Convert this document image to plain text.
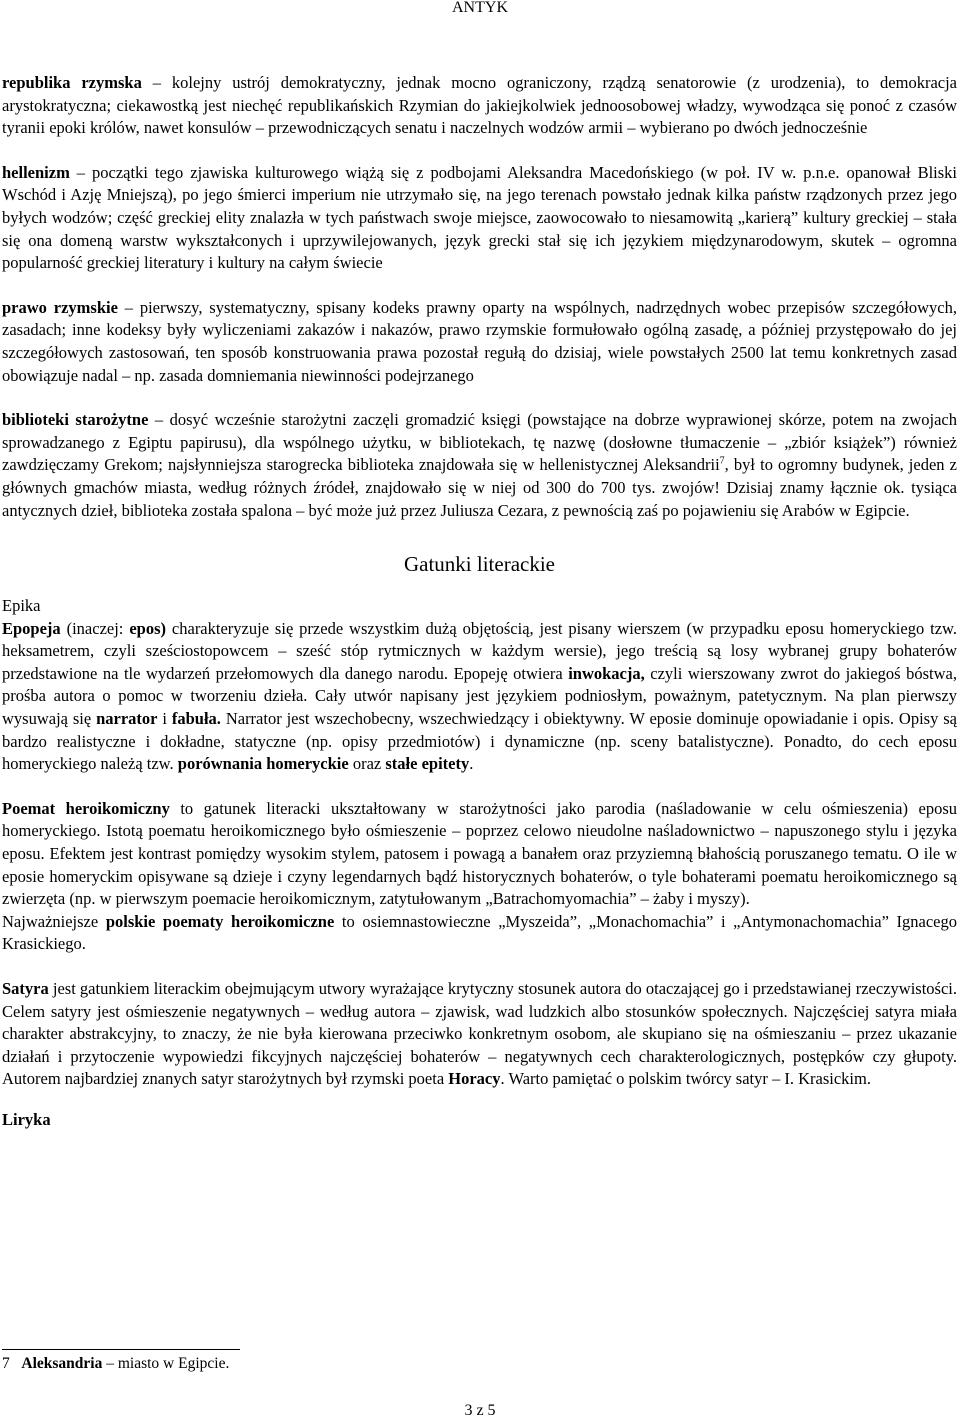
ANTYK

republika rzymska – kolejny ustrój demokratyczny, jednak mocno ograniczony, rządzą senatorowie (z urodzenia), to demokracja arystokratyczna; ciekawostką jest niechęć republikańskich Rzymian do jakiejkolwiek jednoosobowej władzy, wywodząca się ponoć z czasów tyranii epoki królów, nawet konsulów – przewodniczących senatu i naczelnych wodzów armii – wybierano po dwóch jednocześnie

hellenizm – początki tego zjawiska kulturowego wiążą się z podbojami Aleksandra Macedońskiego (w poł. IV w. p.n.e. opanował Bliski Wschód i Azję Mniejszą), po jego śmierci imperium nie utrzymało się, na jego terenach powstało jednak kilka państw rządzonych przez jego byłych wodzów; część greckiej elity znalazła w tych państwach swoje miejsce, zaowocowało to niesamowitą „karierą” kultury greckiej – stała się ona domeną warstw wykształconych i uprzywilejowanych, język grecki stał się ich językiem międzynarodowym, skutek – ogromna popularność greckiej literatury i kultury na całym świecie

prawo rzymskie – pierwszy, systematyczny, spisany kodeks prawny oparty na wspólnych, nadrzędnych wobec przepisów szczegółowych, zasadach; inne kodeksy były wyliczeniami zakazów i nakazów, prawo rzymskie formułowało ogólną zasadę, a później przystępowało do jej szczegółowych zastosowań, ten sposób konstruowania prawa pozostał regułą do dzisiaj, wiele powstałych 2500 lat temu konkretnych zasad obowiązuje nadal – np. zasada domniemania niewinności podejrzanego

biblioteki starożytne – dosyć wcześnie starożytni zaczęli gromadzić księgi (powstające na dobrze wyprawionej skórze, potem na zwojach sprowadzanego z Egiptu papirusu), dla wspólnego użytku, w bibliotekach, tę nazwę (dosłowne tłumaczenie – „zbiór książek”) również zawdzięczamy Grekom; najsłynniejsza starogrecka biblioteka znajdowała się w hellenistycznej Aleksandrii$^7$, był to ogromny budynek, jeden z głównych gmachów miasta, według różnych źródeł, znajdowało się w niej od 300 do 700 tys. zwojów! Dzisiaj znamy łącznie ok. tysiąca antycznych dzieł, biblioteka została spalona – być może już przez Juliusza Cezara, z pewnością zaś po pojawieniu się Arabów w Egipcie.

Gatunki literackie

Epika

Epopeja (inaczej: epos) charakteryzuje się przede wszystkim dużą objętością, jest pisany wierszem (w przypadku eposu homeryckiego tzw. heksametrem, czyli sześciostopowcem – sześć stóp rytmicznych w każdym wersie), jego treścią są losy wybranej grupy bohaterów przedstawione na tle wydarzeń przełomowych dla danego narodu. Epopeję otwiera inwokacja, czyli wierszowany zwrot do jakiegoś bóstwa, prośba autora o pomoc w tworzeniu dzieła. Cały utwór napisany jest językiem podniosłym, poważnym, patetycznym. Na plan pierwszy wysuwają się narrator i fabuła. Narrator jest wszechobecny, wszechwiedzący i obiektywny. W eposie dominuje opowiadanie i opis. Opisy są bardzo realistyczne i dokładne, statyczne (np. opisy przedmiotów) i dynamiczne (np. sceny batalistyczne). Ponadto, do cech eposu homeryckiego należą tzw. porównania homeryckie oraz stałe epitety.

Poemat heroikomiczny to gatunek literacki ukształtowany w starożytności jako parodia (naśladowanie w celu ośmieszenia) eposu homeryckiego. Istotą poematu heroikomicznego było ośmieszenie – poprzez celowo nieudolne naśladownictwo – napuszonego stylu i języka eposu. Efektem jest kontrast pomiędzy wysokim stylem, patosem i powagą a banałem oraz przyziemną błahością poruszanego tematu. O ile w eposie homeryckim opisywane są dzieje i czyny legendarnych bądź historycznych bohaterów, o tyle bohaterami poematu heroikomicznego są zwierzęta (np. w pierwszym poemacie heroikomicznym, zatytułowanym „Batrachomyomachia” – żaby i myszy).

Najważniejsze polskie poematy heroikomiczne to osiemnastowieczne „Myszeida”, „Monachomachia” i „Antymonachomachia” Ignacego Krasickiego.

Satyra jest gatunkiem literackim obejmującym utwory wyrażające krytyczny stosunek autora do otaczającej go i przedstawianej rzeczywistości. Celem satyry jest ośmieszenie negatywnych – według autora – zjawisk, wad ludzkich albo stosunków społecznych. Najczęściej satyra miała charakter abstrakcyjny, to znaczy, że nie była kierowana przeciwko konkretnym osobom, ale skupiano się na ośmieszaniu – przez ukazanie działań i przytoczenie wypowiedzi fikcyjnych najczęściej bohaterów – negatywnych cech charakterologicznych, postępków czy głupoty. Autorem najbardziej znanych satyr starożytnych był rzymski poeta Horacy. Warto pamiętać o polskim twórcy satyr – I. Krasickim.

Liryka

7 Aleksandria – miasto w Egipcie.
3 z 5
